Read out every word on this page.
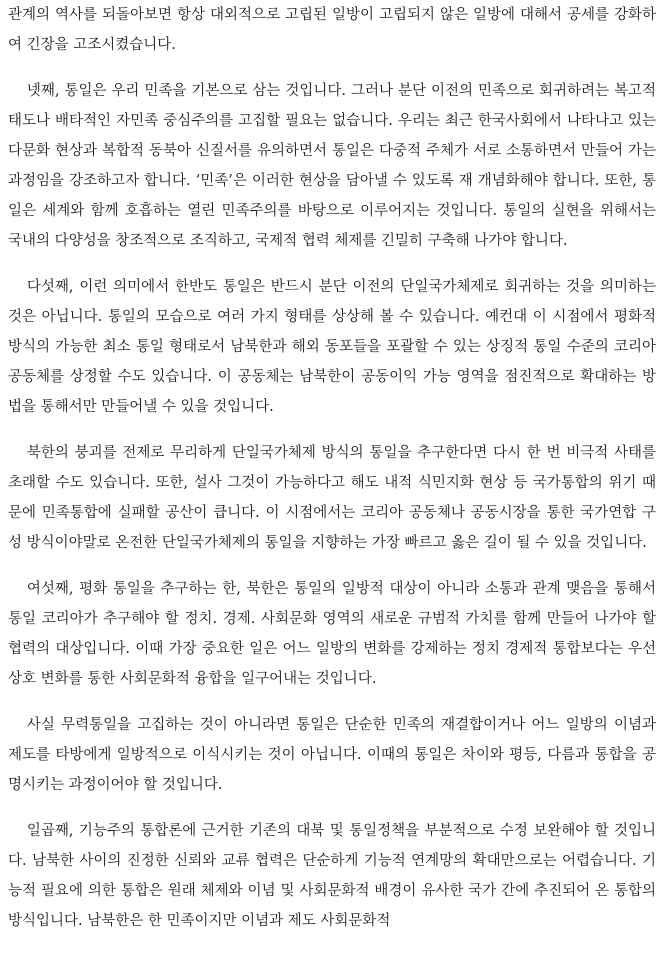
관계의 역사를 되돌아보면 항상 대외적으로 고립된 일방이 고립되지 않은 일방에 대해서 공세를 강화하여 긴장을 고조시켰습니다.

넷째, 통일은 우리 민족을 기본으로 삼는 것입니다. 그러나 분단 이전의 민족으로 회귀하려는 복고적 태도나 배타적인 자민족 중심주의를 고집할 필요는 없습니다. 우리는 최근 한국사회에서 나타나고 있는 다문화 현상과 복합적 동북아 신질서를 유의하면서 통일은 다중적 주체가 서로 소통하면서 만들어 가는 과정임을 강조하고자 합니다. ‘민족’은 이러한 현상을 담아낼 수 있도록 재 개념화해야 합니다. 또한, 통일은 세계와 함께 호흡하는 열린 민족주의를 바탕으로 이루어지는 것입니다. 통일의 실현을 위해서는 국내의 다양성을 창조적으로 조직하고, 국제적 협력 체제를 긴밀히 구축해 나가야 합니다.

다섯째, 이런 의미에서 한반도 통일은 반드시 분단 이전의 단일국가체제로 회귀하는 것을 의미하는 것은 아닙니다. 통일의 모습으로 여러 가지 형태를 상상해 볼 수 있습니다. 예컨대 이 시점에서 평화적 방식의 가능한 최소 통일 형태로서 남북한과 해외 동포들을 포괄할 수 있는 상징적 통일 수준의 코리아 공동체를 상정할 수도 있습니다. 이 공동체는 남북한이 공동이익 가능 영역을 점진적으로 확대하는 방법을 통해서만 만들어낼 수 있을 것입니다.

북한의 붕괴를 전제로 무리하게 단일국가체제 방식의 통일을 추구한다면 다시 한 번 비극적 사태를 초래할 수도 있습니다. 또한, 설사 그것이 가능하다고 해도 내적 식민지화 현상 등 국가통합의 위기 때문에 민족통합에 실패할 공산이 큽니다. 이 시점에서는 코리아 공동체나 공동시장을 통한 국가연합 구성 방식이야말로 온전한 단일국가체제의 통일을 지향하는 가장 빠르고 옳은 길이 될 수 있을 것입니다.

여섯째, 평화 통일을 추구하는 한, 북한은 통일의 일방적 대상이 아니라 소통과 관계 맺음을 통해서 통일 코리아가 추구해야 할 정치. 경제. 사회문화 영역의 새로운 규범적 가치를 함께 만들어 나가야 할 협력의 대상입니다. 이때 가장 중요한 일은 어느 일방의 변화를 강제하는 정치 경제적 통합보다는 우선 상호 변화를 통한 사회문화적 융합을 일구어내는 것입니다.

사실 무력통일을 고집하는 것이 아니라면 통일은 단순한 민족의 재결합이거나 어느 일방의 이념과 제도를 타방에게 일방적으로 이식시키는 것이 아닙니다. 이때의 통일은 차이와 평등, 다름과 통합을 공명시키는 과정이어야 할 것입니다.

일곱째, 기능주의 통합론에 근거한 기존의 대북 및 통일정책을 부분적으로 수정 보완해야 할 것입니다. 남북한 사이의 진정한 신뢰와 교류 협력은 단순하게 기능적 연계망의 확대만으로는 어렵습니다. 기능적 필요에 의한 통합은 원래 체제와 이념 및 사회문화적 배경이 유사한 국가 간에 추진되어 온 통합의 방식입니다. 남북한은 한 민족이지만 이념과 제도 사회문화적
